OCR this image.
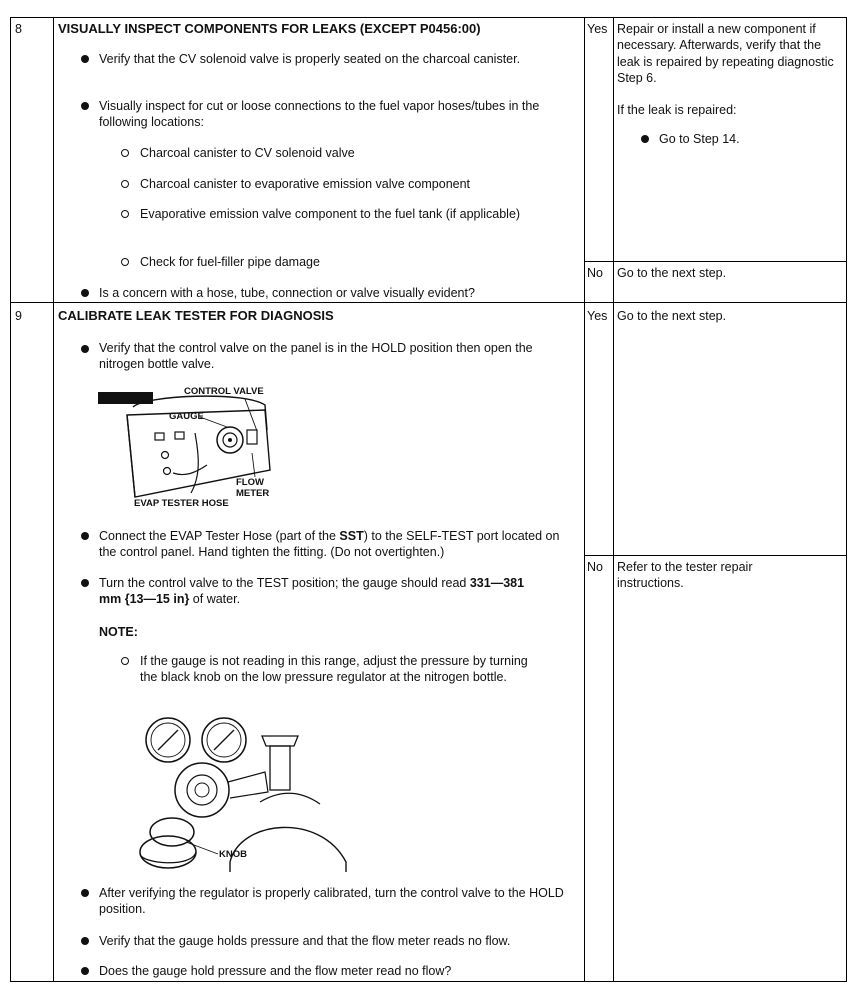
8	VISUALLY INSPECT COMPONENTS FOR LEAKS (EXCEPT P0456:00)
Verify that the CV solenoid valve is properly seated on the charcoal canister.
Visually inspect for cut or loose connections to the fuel vapor hoses/tubes in the following locations:
Charcoal canister to CV solenoid valve
Charcoal canister to evaporative emission valve component
Evaporative emission valve component to the fuel tank (if applicable)
Check for fuel-filler pipe damage
Is a concern with a hose, tube, connection or valve visually evident?
Yes Repair or install a new component if necessary. Afterwards, verify that the leak is repaired by repeating diagnostic Step 6.
If the leak is repaired:
Go to Step 14.
No Go to the next step.
9	CALIBRATE LEAK TESTER FOR DIAGNOSIS
Verify that the control valve on the panel is in the HOLD position then open the nitrogen bottle valve.
CONTROL VALVE
GAUGE
FLOW
METER
EVAP TESTER HOSE
Connect the EVAP Tester Hose (part of the SST) to the SELF-TEST port located on the control panel. Hand tighten the fitting. (Do not overtighten.)
Turn the control valve to the TEST position; the gauge should read 331—381 mm {13—15 in} of water.
NOTE:
If the gauge is not reading in this range, adjust the pressure by turning the black knob on the low pressure regulator at the nitrogen bottle.
KNOB
After verifying the regulator is properly calibrated, turn the control valve to the HOLD position.
Verify that the gauge holds pressure and that the flow meter reads no flow.
Does the gauge hold pressure and the flow meter read no flow?
Yes Go to the next step.
No Refer to the tester repair instructions.
